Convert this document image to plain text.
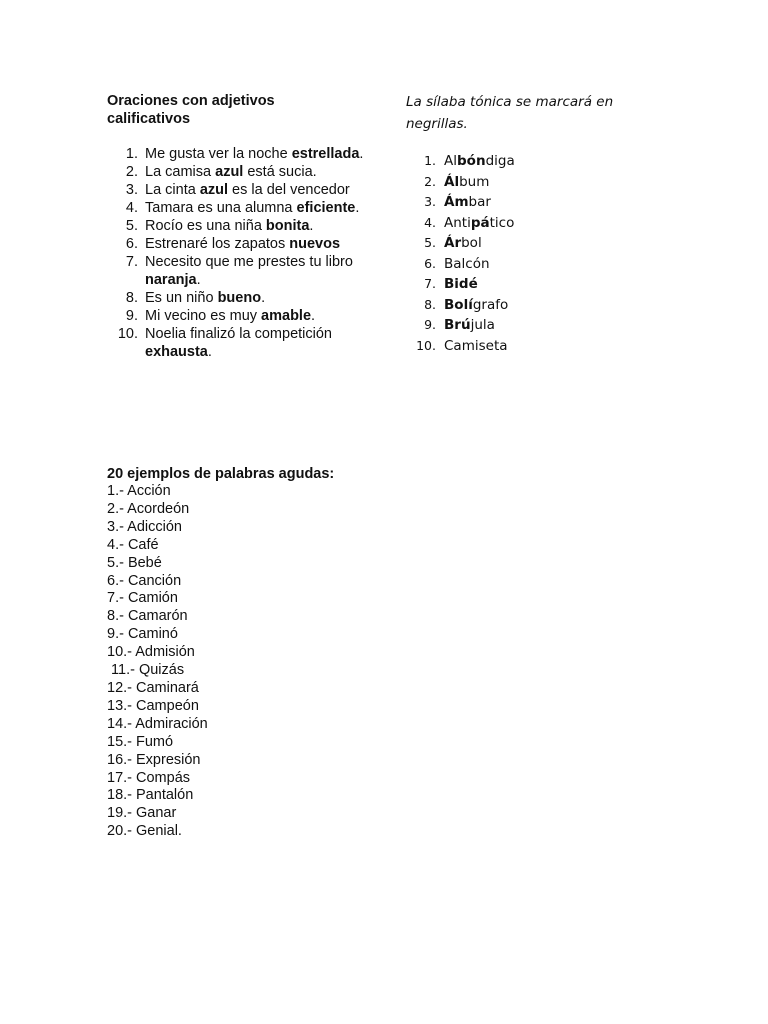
Oraciones con adjetivos calificativos
1. Me gusta ver la noche estrellada.
2. La camisa azul está sucia.
3. La cinta azul es la del vencedor
4. Tamara es una alumna eficiente.
5. Rocío es una niña bonita.
6. Estrenaré los zapatos nuevos
7. Necesito que me prestes tu libro naranja.
8. Es un niño bueno.
9. Mi vecino es muy amable.
10. Noelia finalizó la competición exhausta.
La sílaba tónica se marcará en negrillas.
1. Albóndiga
2. Álbum
3. Ámbar
4. Antipático
5. Árbol
6. Balcón
7. Bidé
8. Bolígrafo
9. Brújula
10. Camiseta
20 ejemplos de palabras agudas:
1.- Acción
2.- Acordeón
3.- Adicción
4.- Café
5.- Bebé
6.- Canción
7.- Camión
8.- Camarón
9.- Caminó
10.- Admisión
11.- Quizás
12.- Caminará
13.- Campeón
14.- Admiración
15.- Fumó
16.- Expresión
17.- Compás
18.- Pantalón
19.- Ganar
20.- Genial.
